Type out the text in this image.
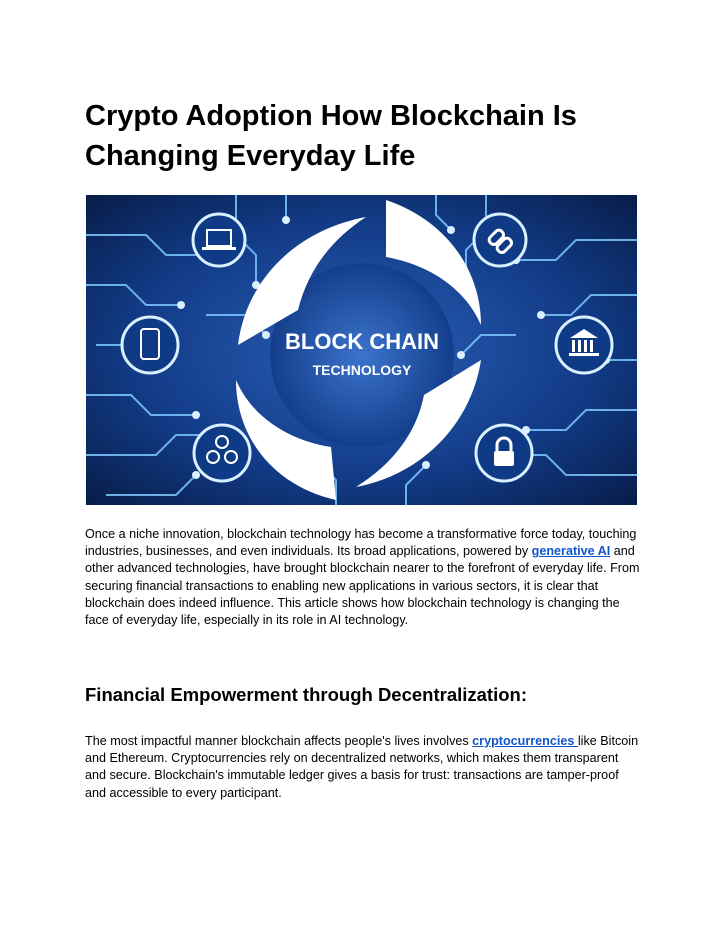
Crypto Adoption How Blockchain Is Changing Everyday Life
BLOCK CHAIN
TECHNOLOGY

Once a niche innovation, blockchain technology has become a transformative force today, touching industries, businesses, and even individuals. Its broad applications, powered by generative AI and other advanced technologies, have brought blockchain nearer to the forefront of everyday life. From securing financial transactions to enabling new applications in various sectors, it is clear that blockchain does indeed influence. This article shows how blockchain technology is changing the face of everyday life, especially in its role in AI technology.

Financial Empowerment through Decentralization:

The most impactful manner blockchain affects people's lives involves cryptocurrencies like Bitcoin and Ethereum. Cryptocurrencies rely on decentralized networks, which makes them transparent and secure. Blockchain's immutable ledger gives a basis for trust: transactions are tamper-proof and accessible to every participant.
